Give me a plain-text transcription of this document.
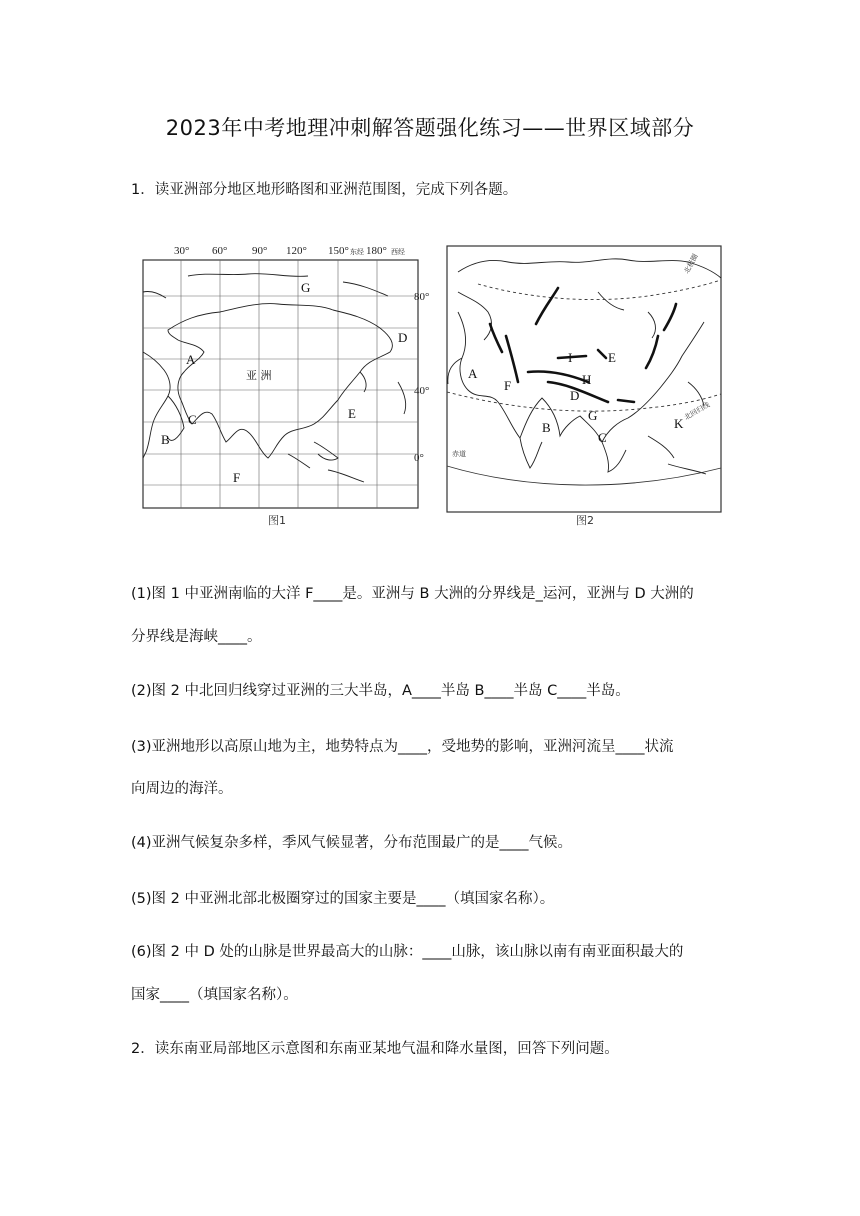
2023年中考地理冲刺解答题强化练习——世界区域部分
1．读亚洲部分地区地形略图和亚洲范围图，完成下列各题。
30° 60° 90° 120° 150° 东经 180° 西经
80°
40°
0°
G
D
A
C
B
E
F
亚 洲
图1
A
F
I	E
H
D
G
B
C
K
北极圈
北回归线
赤道
图2
(1)图 1 中亚洲南临的大洋 F____是。亚洲与 B 大洲的分界线是_运河，亚洲与 D 大洲的
分界线是海峡____。
(2)图 2 中北回归线穿过亚洲的三大半岛，A____半岛 B____半岛 C____半岛。
(3)亚洲地形以高原山地为主，地势特点为____，受地势的影响，亚洲河流呈____状流
向周边的海洋。
(4)亚洲气候复杂多样，季风气候显著，分布范围最广的是____气候。
(5)图 2 中亚洲北部北极圈穿过的国家主要是____（填国家名称）。
(6)图 2 中 D 处的山脉是世界最高大的山脉：____山脉，该山脉以南有南亚面积最大的
国家____（填国家名称）。
2．读东南亚局部地区示意图和东南亚某地气温和降水量图，回答下列问题。
